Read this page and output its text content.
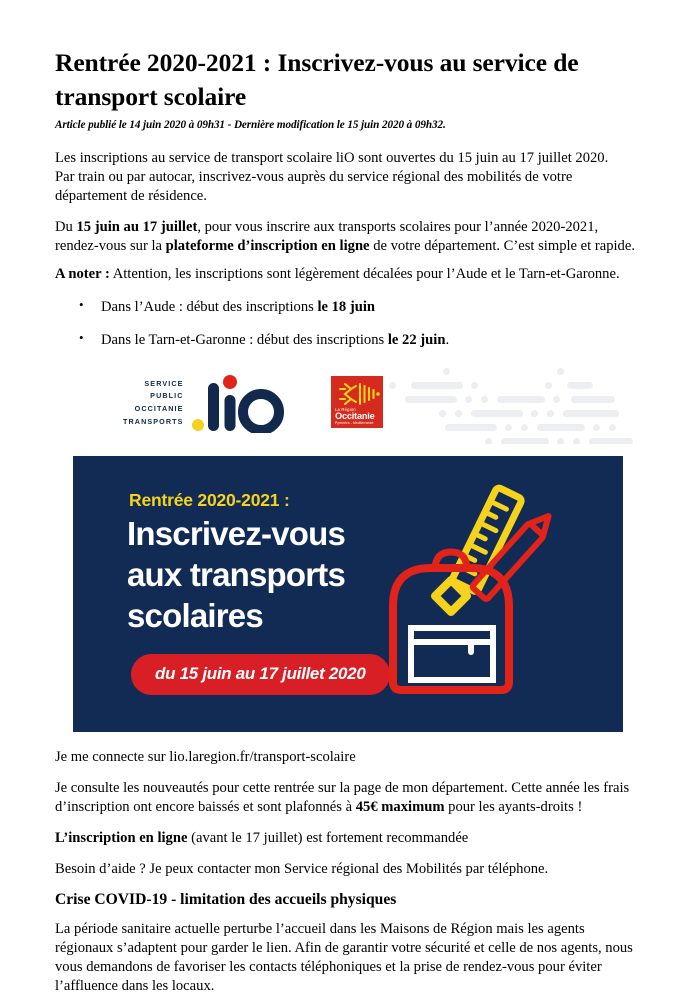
Rentrée 2020-2021 : Inscrivez-vous au service de transport scolaire
Article publié le 14 juin 2020 à 09h31 - Dernière modification le 15 juin 2020 à 09h32.

Les inscriptions au service de transport scolaire liO sont ouvertes du 15 juin au 17 juillet 2020.
Par train ou par autocar, inscrivez-vous auprès du service régional des mobilités de votre département de résidence.

Du 15 juin au 17 juillet, pour vous inscrire aux transports scolaires pour l’année 2020-2021, rendez-vous sur la plateforme d’inscription en ligne de votre département. C’est simple et rapide.

A noter : Attention, les inscriptions sont légèrement décalées pour l’Aude et le Tarn-et-Garonne.

• Dans l’Aude : début des inscriptions le 18 juin
• Dans le Tarn-et-Garonne : début des inscriptions le 22 juin.
SERVICE
PUBLIC
OCCITANIE
TRANSPORTS
La Région
Occitanie
Pyrénées - Méditerranée
Rentrée 2020-2021 :
Inscrivez-vous
aux transports
scolaires
du 15 juin au 17 juillet 2020

Je me connecte sur lio.laregion.fr/transport-scolaire

Je consulte les nouveautés pour cette rentrée sur la page de mon département. Cette année les frais d’inscription ont encore baissés et sont plafonnés à 45€ maximum pour les ayants-droits !

L’inscription en ligne (avant le 17 juillet) est fortement recommandée

Besoin d’aide ? Je peux contacter mon Service régional des Mobilités par téléphone.

Crise COVID-19 - limitation des accueils physiques

La période sanitaire actuelle perturbe l’accueil dans les Maisons de Région mais les agents régionaux s’adaptent pour garder le lien. Afin de garantir votre sécurité et celle de nos agents, nous vous demandons de favoriser les contacts téléphoniques et la prise de rendez-vous pour éviter l’affluence dans les locaux.
